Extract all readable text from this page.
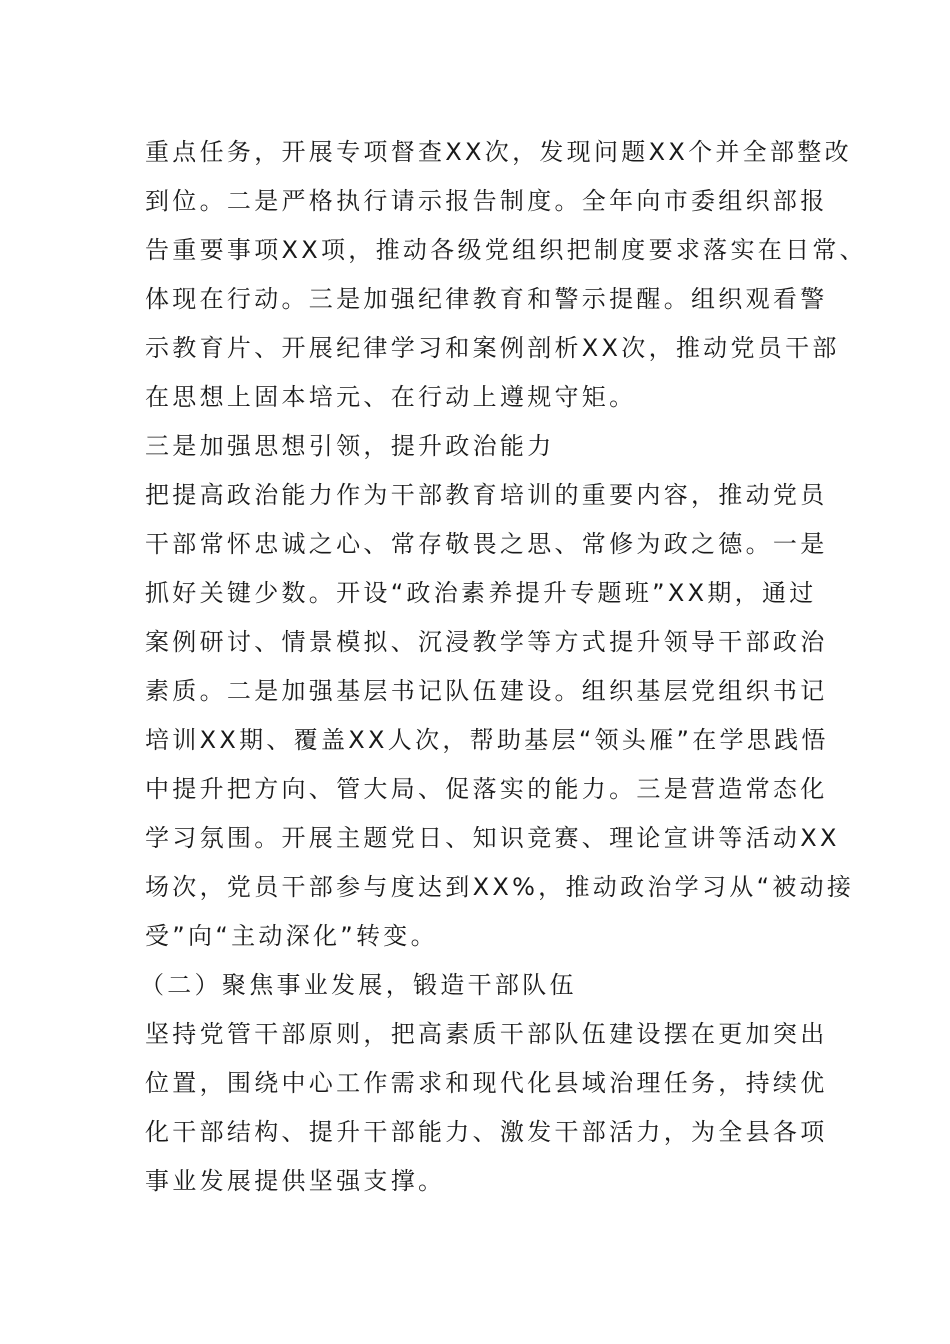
重点任务，开展专项督查XX次，发现问题XX个并全部整改
到位。二是严格执行请示报告制度。全年向市委组织部报
告重要事项XX项，推动各级党组织把制度要求落实在日常、
体现在行动。三是加强纪律教育和警示提醒。组织观看警
示教育片、开展纪律学习和案例剖析XX次，推动党员干部
在思想上固本培元、在行动上遵规守矩。
三是加强思想引领，提升政治能力
把提高政治能力作为干部教育培训的重要内容，推动党员
干部常怀忠诚之心、常存敬畏之思、常修为政之德。一是
抓好关键少数。开设“政治素养提升专题班”XX期，通过
案例研讨、情景模拟、沉浸教学等方式提升领导干部政治
素质。二是加强基层书记队伍建设。组织基层党组织书记
培训XX期、覆盖XX人次，帮助基层“领头雁”在学思践悟
中提升把方向、管大局、促落实的能力。三是营造常态化
学习氛围。开展主题党日、知识竞赛、理论宣讲等活动XX
场次，党员干部参与度达到XX%，推动政治学习从“被动接
受”向“主动深化”转变。
（二）聚焦事业发展，锻造干部队伍
坚持党管干部原则，把高素质干部队伍建设摆在更加突出
位置，围绕中心工作需求和现代化县域治理任务，持续优
化干部结构、提升干部能力、激发干部活力，为全县各项
事业发展提供坚强支撑。
